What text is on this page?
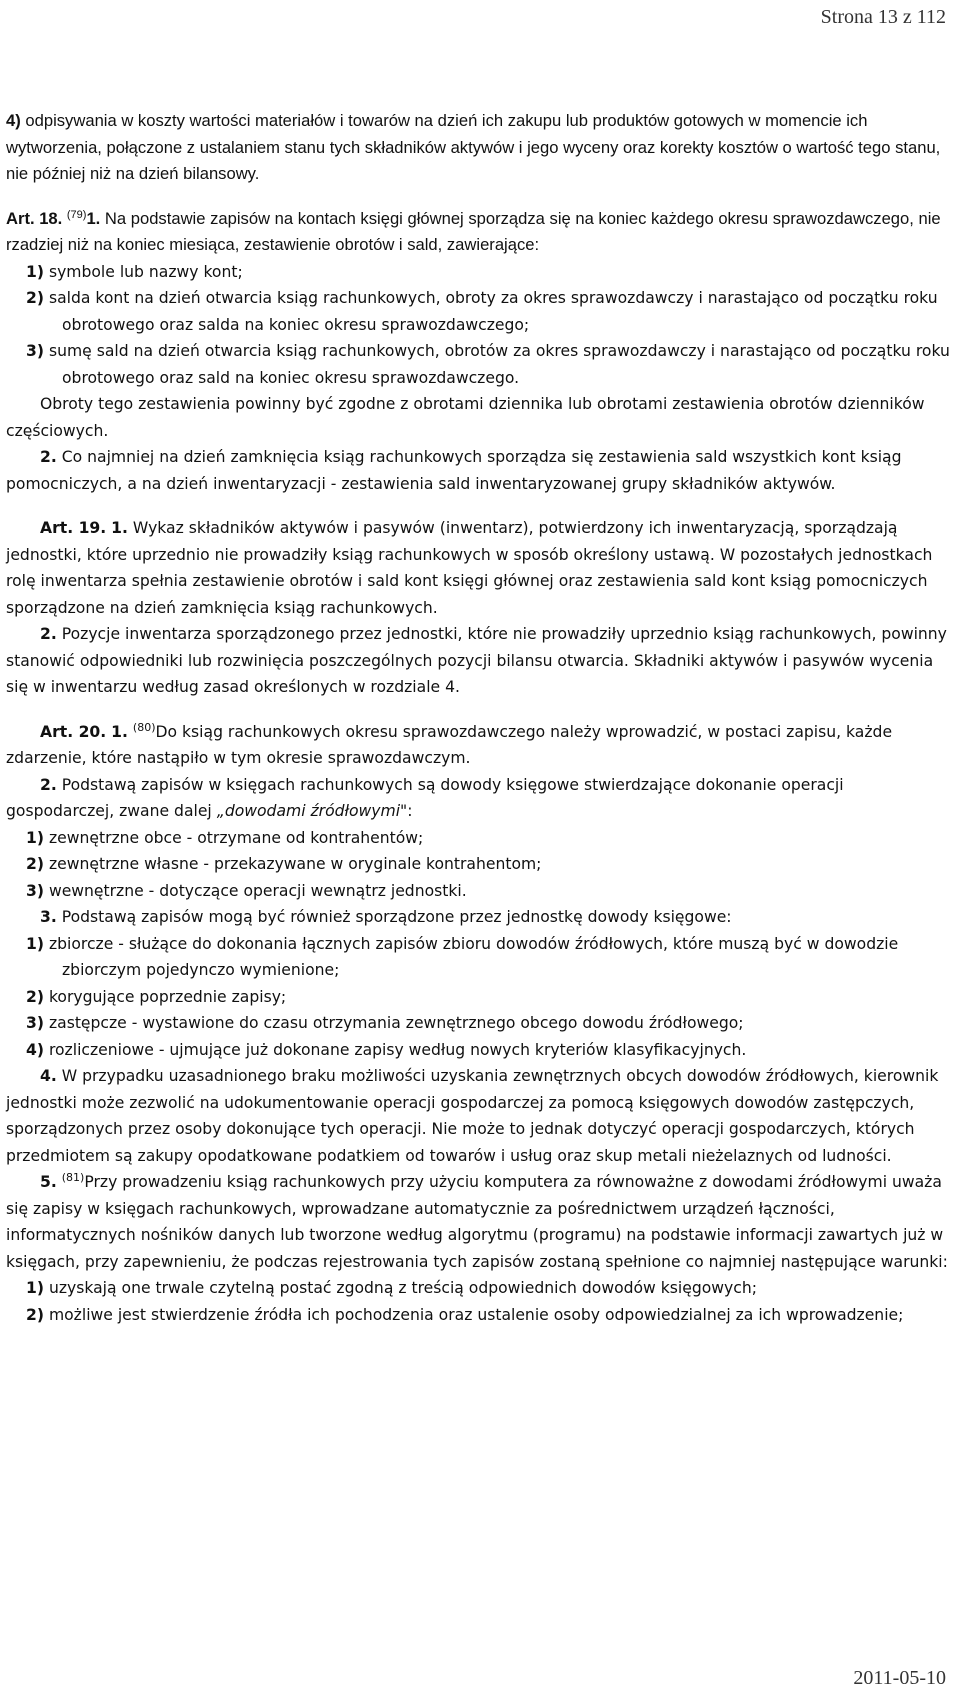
Strona 13 z 112

4) odpisywania w koszty wartości materiałów i towarów na dzień ich zakupu lub produktów gotowych w momencie ich wytworzenia, połączone z ustalaniem stanu tych składników aktywów i jego wyceny oraz korekty kosztów o wartość tego stanu, nie później niż na dzień bilansowy.

Art. 18. $^{(79)}$1. Na podstawie zapisów na kontach księgi głównej sporządza się na koniec każdego okresu sprawozdawczego, nie rzadziej niż na koniec miesiąca, zestawienie obrotów i sald, zawierające:

1) symbole lub nazwy kont;

2) salda kont na dzień otwarcia ksiąg rachunkowych, obroty za okres sprawozdawczy i narastająco od początku roku obrotowego oraz salda na koniec okresu sprawozdawczego;

3) sumę sald na dzień otwarcia ksiąg rachunkowych, obrotów za okres sprawozdawczy i narastająco od początku roku obrotowego oraz sald na koniec okresu sprawozdawczego.

Obroty tego zestawienia powinny być zgodne z obrotami dziennika lub obrotami zestawienia obrotów dzienników częściowych.

2. Co najmniej na dzień zamknięcia ksiąg rachunkowych sporządza się zestawienia sald wszystkich kont ksiąg pomocniczych, a na dzień inwentaryzacji - zestawienia sald inwentaryzowanej grupy składników aktywów.

Art. 19. 1. Wykaz składników aktywów i pasywów (inwentarz), potwierdzony ich inwentaryzacją, sporządzają jednostki, które uprzednio nie prowadziły ksiąg rachunkowych w sposób określony ustawą. W pozostałych jednostkach rolę inwentarza spełnia zestawienie obrotów i sald kont księgi głównej oraz zestawienia sald kont ksiąg pomocniczych sporządzone na dzień zamknięcia ksiąg rachunkowych.

2. Pozycje inwentarza sporządzonego przez jednostki, które nie prowadziły uprzednio ksiąg rachunkowych, powinny stanowić odpowiedniki lub rozwinięcia poszczególnych pozycji bilansu otwarcia. Składniki aktywów i pasywów wycenia się w inwentarzu według zasad określonych w rozdziale 4.

Art. 20. 1. $^{(80)}$Do ksiąg rachunkowych okresu sprawozdawczego należy wprowadzić, w postaci zapisu, każde zdarzenie, które nastąpiło w tym okresie sprawozdawczym.

2. Podstawą zapisów w księgach rachunkowych są dowody księgowe stwierdzające dokonanie operacji gospodarczej, zwane dalej „dowodami źródłowymi":

1) zewnętrzne obce - otrzymane od kontrahentów;

2) zewnętrzne własne - przekazywane w oryginale kontrahentom;

3) wewnętrzne - dotyczące operacji wewnątrz jednostki.

3. Podstawą zapisów mogą być również sporządzone przez jednostkę dowody księgowe:

1) zbiorcze - służące do dokonania łącznych zapisów zbioru dowodów źródłowych, które muszą być w dowodzie zbiorczym pojedynczo wymienione;

2) korygujące poprzednie zapisy;

3) zastępcze - wystawione do czasu otrzymania zewnętrznego obcego dowodu źródłowego;

4) rozliczeniowe - ujmujące już dokonane zapisy według nowych kryteriów klasyfikacyjnych.

4. W przypadku uzasadnionego braku możliwości uzyskania zewnętrznych obcych dowodów źródłowych, kierownik jednostki może zezwolić na udokumentowanie operacji gospodarczej za pomocą księgowych dowodów zastępczych, sporządzonych przez osoby dokonujące tych operacji. Nie może to jednak dotyczyć operacji gospodarczych, których przedmiotem są zakupy opodatkowane podatkiem od towarów i usług oraz skup metali nieżelaznych od ludności.

5. $^{(81)}$Przy prowadzeniu ksiąg rachunkowych przy użyciu komputera za równoważne z dowodami źródłowymi uważa się zapisy w księgach rachunkowych, wprowadzane automatycznie za pośrednictwem urządzeń łączności, informatycznych nośników danych lub tworzone według algorytmu (programu) na podstawie informacji zawartych już w księgach, przy zapewnieniu, że podczas rejestrowania tych zapisów zostaną spełnione co najmniej następujące warunki:

1) uzyskają one trwale czytelną postać zgodną z treścią odpowiednich dowodów księgowych;

2) możliwe jest stwierdzenie źródła ich pochodzenia oraz ustalenie osoby odpowiedzialnej za ich wprowadzenie;

2011-05-10
